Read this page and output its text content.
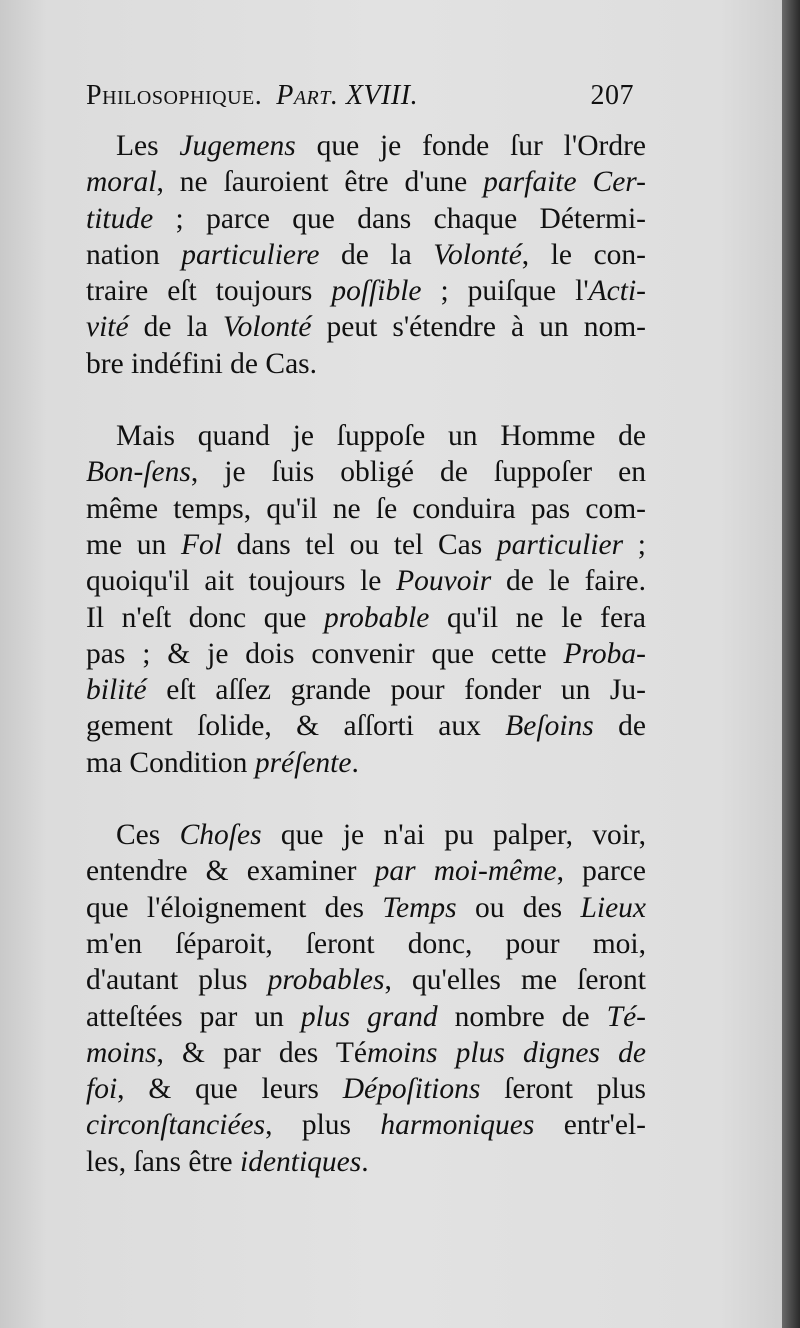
Philosophique. Part. XVIII.	207

Les Jugemens que je fonde ſur l'Ordre

moral, ne ſauroient être d'une parfaite Cer-

titude ; parce que dans chaque Détermi-

nation particuliere de la Volonté, le con-

traire eſt toujours poſſible ; puiſque l'Acti-

vité de la Volonté peut s'étendre à un nom-

bre indéfini de Cas.

Mais quand je ſuppoſe un Homme de

Bon-ſens, je ſuis obligé de ſuppoſer en

même temps, qu'il ne ſe conduira pas com-

me un Fol dans tel ou tel Cas particulier ;

quoiqu'il ait toujours le Pouvoir de le faire.

Il n'eſt donc que probable qu'il ne le fera

pas ; & je dois convenir que cette Proba-

bilité eſt aſſez grande pour fonder un Ju-

gement ſolide, & aſſorti aux Beſoins de

ma Condition préſente.

Ces Choſes que je n'ai pu palper, voir,

entendre & examiner par moi-même, parce

que l'éloignement des Temps ou des Lieux

m'en ſéparoit, ſeront donc, pour moi,

d'autant plus probables, qu'elles me ſeront

atteſtées par un plus grand nombre de Té-

moins, & par des Témoins plus dignes de

foi, & que leurs Dépoſitions ſeront plus

circonſtanciées, plus harmoniques entr'el-

les, ſans être identiques.
